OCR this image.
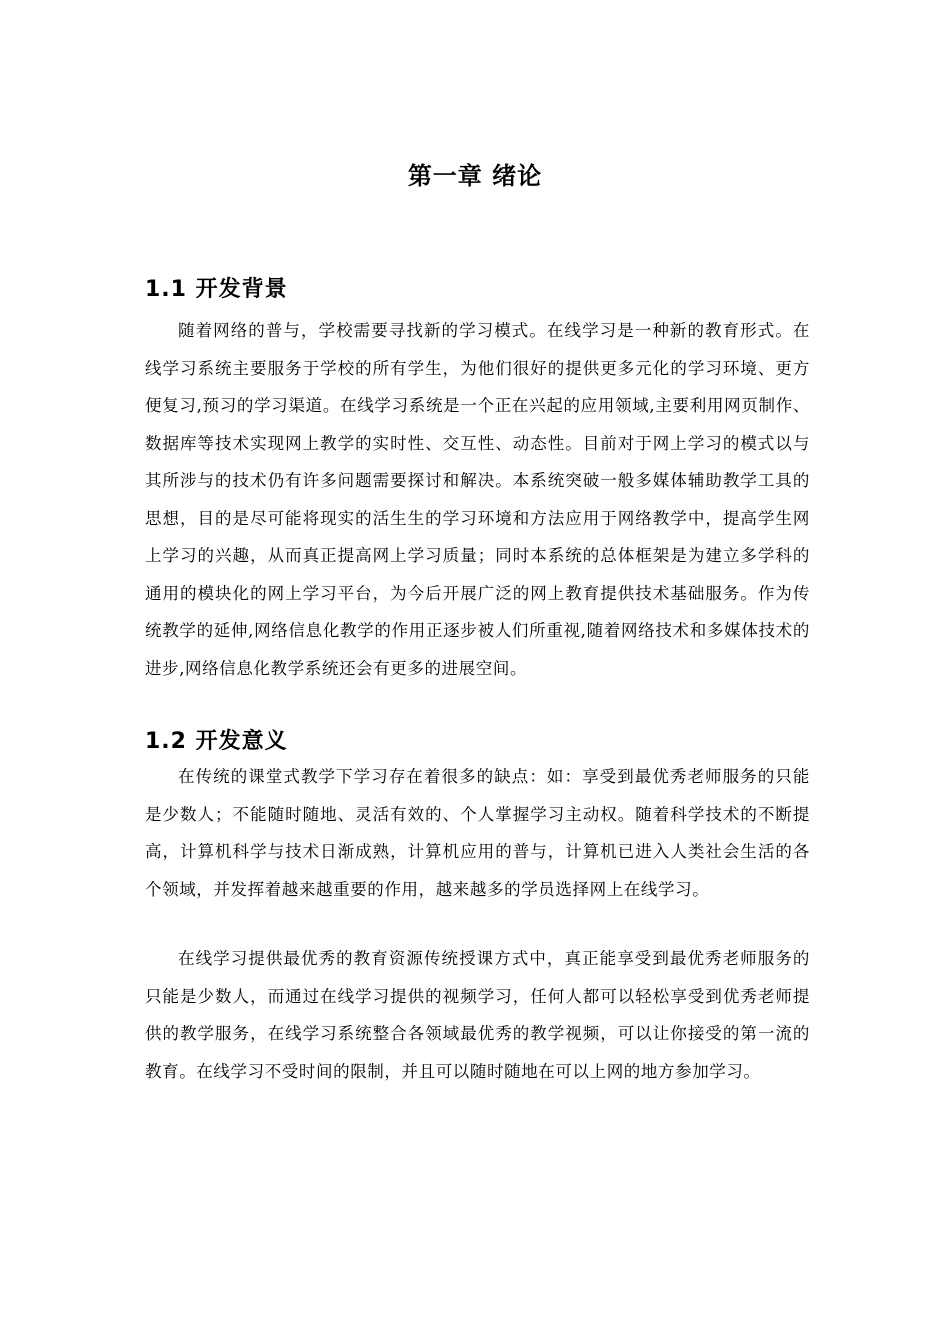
第一章 绪论
1.1 开发背景

随着网络的普与，学校需要寻找新的学习模式。在线学习是一种新的教育形式。在线学习系统主要服务于学校的所有学生，为他们很好的提供更多元化的学习环境、更方便复习,预习的学习渠道。在线学习系统是一个正在兴起的应用领域,主要利用网页制作、数据库等技术实现网上教学的实时性、交互性、动态性。目前对于网上学习的模式以与其所涉与的技术仍有许多问题需要探讨和解决。本系统突破一般多媒体辅助教学工具的思想，目的是尽可能将现实的活生生的学习环境和方法应用于网络教学中，提高学生网上学习的兴趣，从而真正提高网上学习质量；同时本系统的总体框架是为建立多学科的通用的模块化的网上学习平台，为今后开展广泛的网上教育提供技术基础服务。作为传统教学的延伸,网络信息化教学的作用正逐步被人们所重视,随着网络技术和多媒体技术的进步,网络信息化教学系统还会有更多的进展空间。

1.2 开发意义

在传统的课堂式教学下学习存在着很多的缺点：如：享受到最优秀老师服务的只能是少数人；不能随时随地、灵活有效的、个人掌握学习主动权。随着科学技术的不断提高，计算机科学与技术日渐成熟，计算机应用的普与，计算机已进入人类社会生活的各个领域，并发挥着越来越重要的作用，越来越多的学员选择网上在线学习。

在线学习提供最优秀的教育资源传统授课方式中，真正能享受到最优秀老师服务的只能是少数人，而通过在线学习提供的视频学习，任何人都可以轻松享受到优秀老师提供的教学服务，在线学习系统整合各领域最优秀的教学视频，可以让你接受的第一流的教育。在线学习不受时间的限制，并且可以随时随地在可以上网的地方参加学习。
